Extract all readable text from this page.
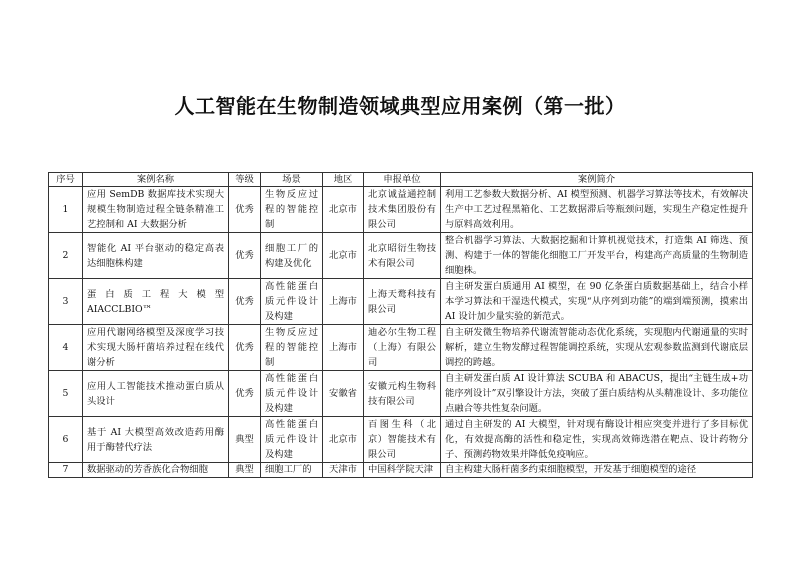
人工智能在生物制造领域典型应用案例（第一批）
序号	案例名称	等级	场景	地区	申报单位	案例简介
1	应用 SemDB 数据库技术实现大规模生物制造过程全链条精准工艺控制和 AI 大数据分析	优秀	生物反应过程的智能控制	北京市	北京诚益通控制技术集团股份有限公司	利用工艺参数大数据分析、AI 模型预测、机器学习算法等技术，有效解决生产中工艺过程黑箱化、工艺数据滞后等瓶颈问题，实现生产稳定性提升与原料高效利用。
2	智能化 AI 平台驱动的稳定高表达细胞株构建	优秀	细胞工厂的构建及优化	北京市	北京昭衍生物技术有限公司	整合机器学习算法、大数据挖掘和计算机视觉技术，打造集 AI 筛选、预测、构建于一体的智能化细胞工厂开发平台，构建高产高质量的生物制造细胞株。
3	蛋白质工程大模型 AIACCLBIO™	优秀	高性能蛋白质元件设计及构建	上海市	上海天鹜科技有限公司	自主研发蛋白质通用 AI 模型，在 90 亿条蛋白质数据基础上，结合小样本学习算法和干湿迭代模式，实现“从序列到功能”的端到端预测，摸索出 AI 设计加少量实验的新范式。
4	应用代谢网络模型及深度学习技术实现大肠杆菌培养过程在线代谢分析	优秀	生物反应过程的智能控制	上海市	迪必尔生物工程（上海）有限公司	自主研发微生物培养代谢流智能动态优化系统，实现胞内代谢通量的实时解析，建立生物发酵过程智能调控系统，实现从宏观参数监测到代谢底层调控的跨越。
5	应用人工智能技术推动蛋白质从头设计	优秀	高性能蛋白质元件设计及构建	安徽省	安徽元构生物科技有限公司	自主研发蛋白质 AI 设计算法 SCUBA 和 ABACUS，提出“主链生成+功能序列设计”双引擎设计方法，突破了蛋白质结构从头精准设计、多功能位点融合等共性复杂问题。
6	基于 AI 大模型高效改造药用酶用于酶替代疗法	典型	高性能蛋白质元件设计及构建	北京市	百图生科（北京）智能技术有限公司	通过自主研发的 AI 大模型，针对现有酶设计相应突变并进行了多目标优化，有效提高酶的活性和稳定性，实现高效筛选潜在靶点、设计药物分子、预测药物效果并降低免疫响应。
7	数据驱动的芳香族化合物细胞	典型	细胞工厂的	天津市	中国科学院天津	自主构建大肠杆菌多约束细胞模型，开发基于细胞模型的途径
